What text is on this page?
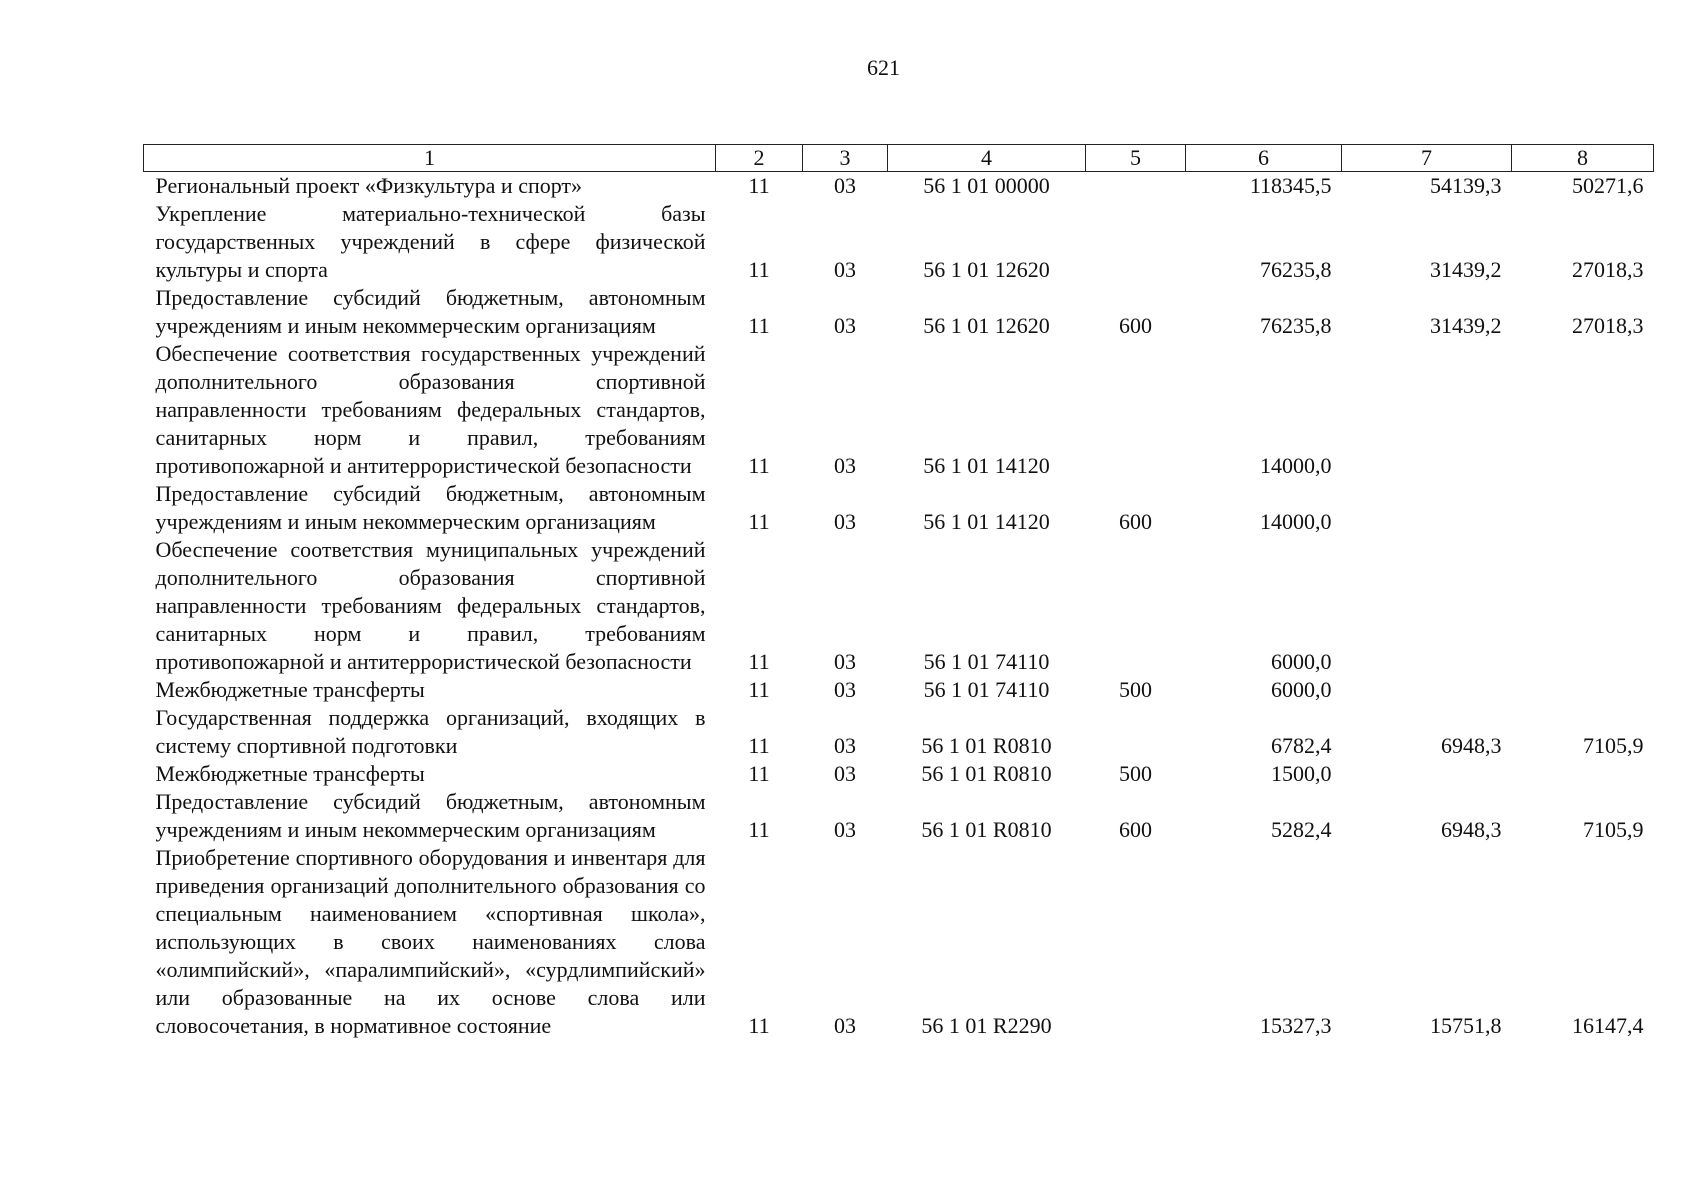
621
1	2	3	4	5	6	7	8
Региональный проект «Физкультура и спорт»	11	03	56 1 01 00000		118345,5	54139,3	50271,6
Укрепление материально-технической базы государственных учреждений в сфере физической культуры и спорта	11	03	56 1 01 12620		76235,8	31439,2	27018,3
Предоставление субсидий бюджетным, автономным учреждениям и иным некоммерческим организациям	11	03	56 1 01 12620	600	76235,8	31439,2	27018,3
Обеспечение соответствия государственных учреждений дополнительного образования спортивной направленности требованиям федеральных стандартов, санитарных норм и правил, требованиям противопожарной и антитеррористической безопасности	11	03	56 1 01 14120		14000,0		
Предоставление субсидий бюджетным, автономным учреждениям и иным некоммерческим организациям	11	03	56 1 01 14120	600	14000,0		
Обеспечение соответствия муниципальных учреждений дополнительного образования спортивной направленности требованиям федеральных стандартов, санитарных норм и правил, требованиям противопожарной и антитеррористической безопасности	11	03	56 1 01 74110		6000,0		
Межбюджетные трансферты	11	03	56 1 01 74110	500	6000,0		
Государственная поддержка организаций, входящих в систему спортивной подготовки	11	03	56 1 01 R0810		6782,4	6948,3	7105,9
Межбюджетные трансферты	11	03	56 1 01 R0810	500	1500,0		
Предоставление субсидий бюджетным, автономным учреждениям и иным некоммерческим организациям	11	03	56 1 01 R0810	600	5282,4	6948,3	7105,9
Приобретение спортивного оборудования и инвентаря для приведения организаций дополнительного образования со специальным наименованием «спортивная школа», использующих в своих наименованиях слова «олимпийский», «паралимпийский», «сурдлимпийский» или образованные на их основе слова или словосочетания, в нормативное состояние	11	03	56 1 01 R2290		15327,3	15751,8	16147,4
